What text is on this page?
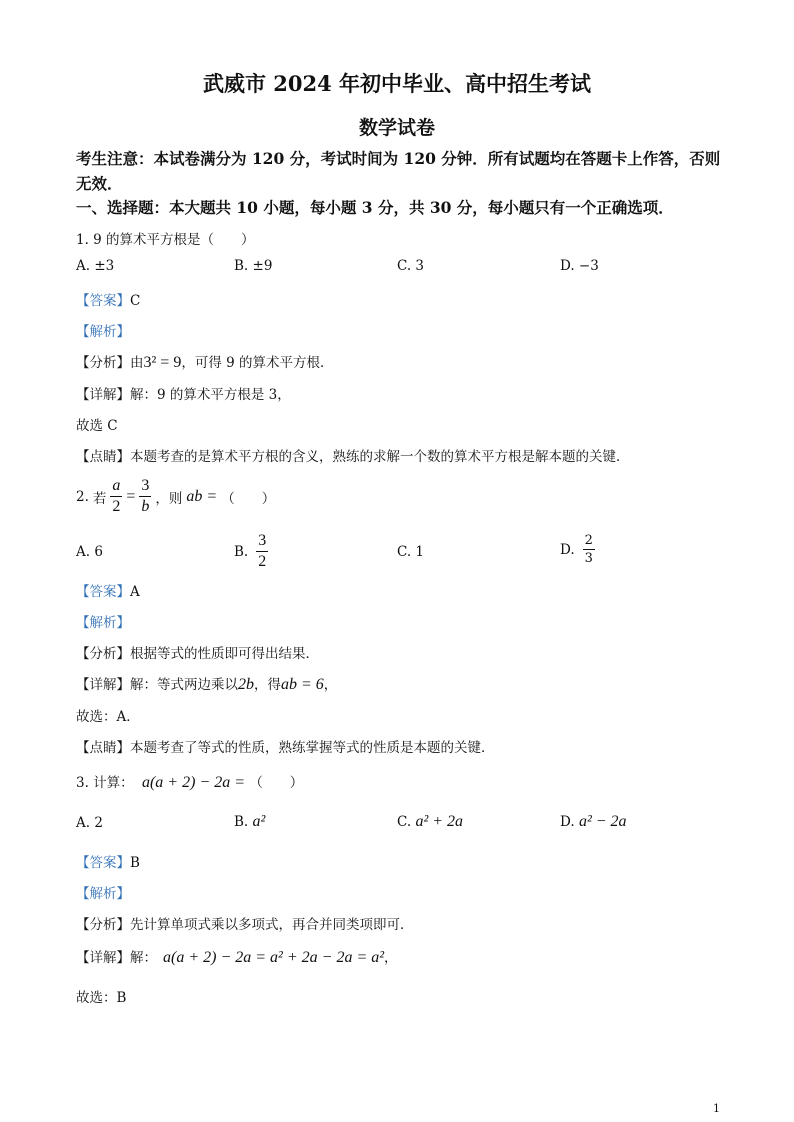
武威市 2024 年初中毕业、高中招生考试
数学试卷
考生注意：本试卷满分为 120 分，考试时间为 120 分钟．所有试题均在答题卡上作答，否则无效．
一、选择题：本大题共 10 小题，每小题 3 分，共 30 分，每小题只有一个正确选项．
1. 9 的算术平方根是（　　）
A. ±3	B. ±9	C. 3	D. −3
【答案】C
【解析】
【分析】由3² = 9，可得 9 的算术平方根．
【详解】解：9 的算术平方根是 3，
故选 C
【点睛】本题考查的是算术平方根的含义，熟练的求解一个数的算术平方根是解本题的关键．
2. 若 $\frac{a}{2} = \frac{3}{b}$ ，则 ab = （　　）
A. 6	B. $\frac{3}{2}$	C. 1	D. $\frac{2}{3}$
【答案】A
【解析】
【分析】根据等式的性质即可得出结果．
【详解】解：等式两边乘以2b，得ab = 6，
故选：A．
【点睛】本题考查了等式的性质，熟练掌握等式的性质是本题的关键．
3. 计算： a(a + 2) − 2a = （　　）
A. 2	B. a²	C. a² + 2a	D. a² − 2a
【答案】B
【解析】
【分析】先计算单项式乘以多项式，再合并同类项即可．
【详解】解： a(a + 2) − 2a = a² + 2a − 2a = a²，
故选：B
1
